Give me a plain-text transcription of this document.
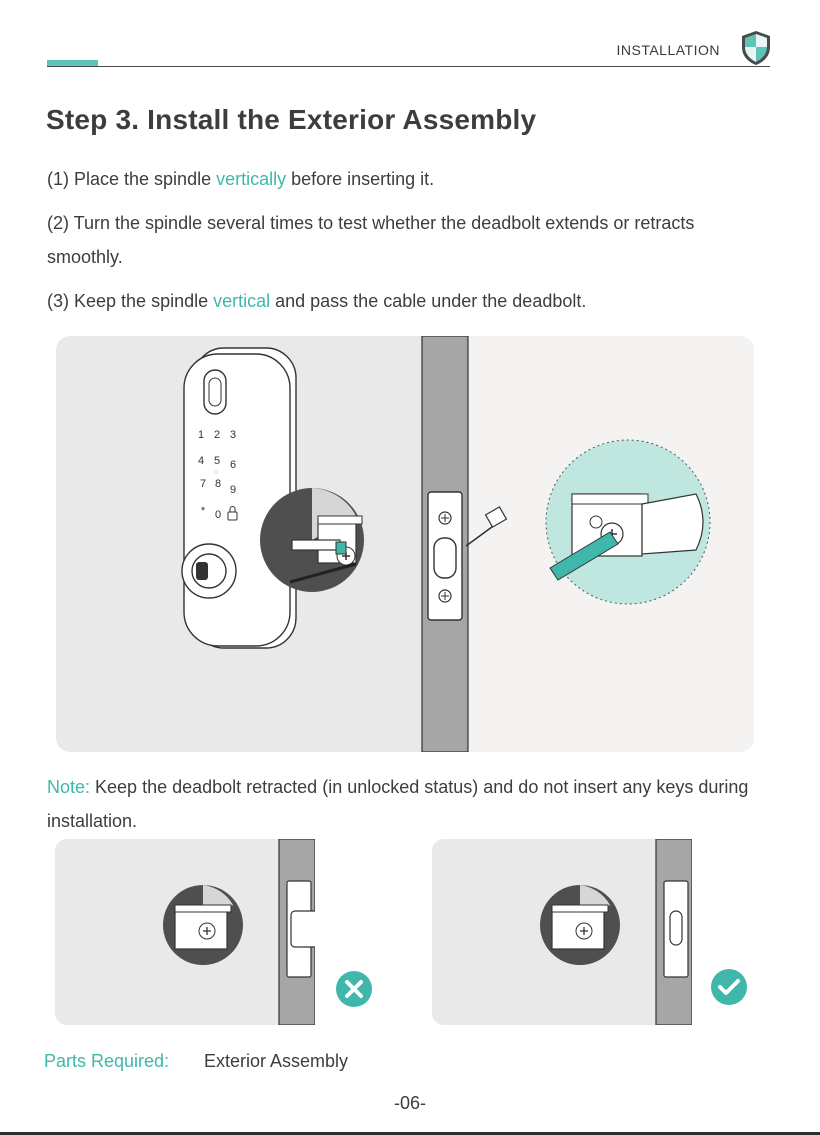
INSTALLATION
Step 3. Install the Exterior Assembly
(1) Place the spindle vertically before inserting it.
(2) Turn the spindle several times to test whether the deadbolt extends or retracts smoothly.
(3) Keep the spindle vertical and pass the cable under the deadbolt.
1 2 3
4 5 6
7 8 9
* 0
◌
Note: Keep the deadbolt retracted (in unlocked status) and do not insert any keys during installation.
Parts Required: Exterior Assembly
-06-
